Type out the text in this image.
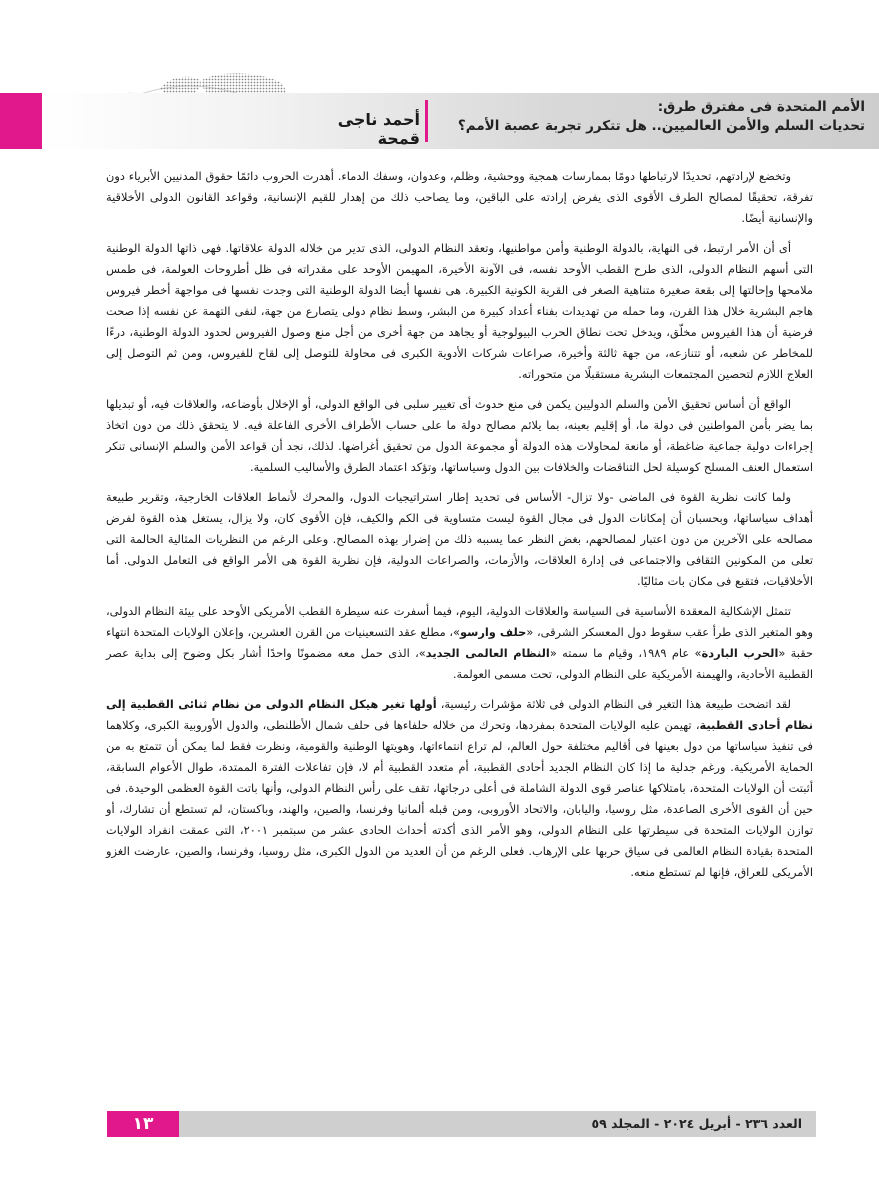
الأمم المتحدة فى مفترق طرق:
تحديات السلم والأمن العالميين.. هل تتكرر تجربة عصبة الأمم؟
أحمد ناجى قمحة

وتخضع لإرادتهم، تحديدًا لارتباطها دومًا بممارسات همجية ووحشية، وظلم، وعدوان، وسفك الدماء. أهدرت الحروب دائمًا حقوق المدنيين الأبرياء دون تفرقة، تحقيقًا لمصالح الطرف الأقوى الذى يفرض إرادته على الباقين، وما يصاحب ذلك من إهدار للقيم الإنسانية، وقواعد القانون الدولى الأخلاقية والإنسانية أيضًا.

أى أن الأمر ارتبط، فى النهاية، بالدولة الوطنية وأمن مواطنيها، وتعقد النظام الدولى، الذى تدير من خلاله الدولة علاقاتها. فهى ذاتها الدولة الوطنية التى أسهم النظام الدولى، الذى طرح القطب الأوحد نفسه، فى الآونة الأخيرة، المهيمن الأوحد على مقدراته فى ظل أطروحات العولمة، فى طمس ملامحها وإحالتها إلى بقعة صغيرة متناهية الصغر فى القرية الكونية الكبيرة. هى نفسها أيضا الدولة الوطنية التى وجدت نفسها فى مواجهة أخطر فيروس هاجم البشرية خلال هذا القرن، وما حمله من تهديدات بفناء أعداد كبيرة من البشر، وسط نظام دولى يتصارع من جهة، لنفى التهمة عن نفسه إذا صحت فرضية أن هذا الفيروس مخلّق، ويدخل تحت نطاق الحرب البيولوجية أو يجاهد من جهة أخرى من أجل منع وصول الفيروس لحدود الدولة الوطنية، درءًا للمخاطر عن شعبه، أو تتنازعه، من جهة ثالثة وأخيرة، صراعات شركات الأدوية الكبرى فى محاولة للتوصل إلى لقاح للفيروس، ومن ثم التوصل إلى العلاج اللازم لتحصين المجتمعات البشرية مستقبلًا من متحوراته.

الواقع أن أساس تحقيق الأمن والسلم الدوليين يكمن فى منع حدوث أى تغيير سلبى فى الواقع الدولى، أو الإخلال بأوضاعه، والعلاقات فيه، أو تبديلها بما يضر بأمن المواطنين فى دولة ما، أو إقليم بعينه، بما يلائم مصالح دولة ما على حساب الأطراف الأخرى الفاعلة فيه. لا يتحقق ذلك من دون اتخاذ إجراءات دولية جماعية ضاغطة، أو مانعة لمحاولات هذه الدولة أو مجموعة الدول من تحقيق أغراضها. لذلك، نجد أن قواعد الأمن والسلم الإنسانى تنكر استعمال العنف المسلح كوسيلة لحل التناقضات والخلافات بين الدول وسياساتها، وتؤكد اعتماد الطرق والأساليب السلمية.

ولما كانت نظرية القوة فى الماضى -ولا تزال- الأساس فى تحديد إطار استراتيجيات الدول، والمحرك لأنماط العلاقات الخارجية، وتقرير طبيعة أهداف سياساتها، وبحسبان أن إمكانات الدول فى مجال القوة ليست متساوية فى الكم والكيف، فإن الأقوى كان، ولا يزال، يستغل هذه القوة لفرض مصالحه على الآخرين من دون اعتبار لمصالحهم، بغض النظر عما يسببه ذلك من إضرار بهذه المصالح. وعلى الرغم من النظريات المثالية الحالمة التى تعلى من المكونين الثقافى والاجتماعى فى إدارة العلاقات، والأزمات، والصراعات الدولية، فإن نظرية القوة هى الأمر الواقع فى التعامل الدولى. أما الأخلاقيات، فتقبع فى مكان بات مثاليًا.

تتمثل الإشكالية المعقدة الأساسية فى السياسة والعلاقات الدولية، اليوم، فيما أسفرت عنه سيطرة القطب الأمريكى الأوحد على بيئة النظام الدولى، وهو المتغير الذى طرأ عقب سقوط دول المعسكر الشرقى، «حلف وارسو»، مطلع عقد التسعينيات من القرن العشرين، وإعلان الولايات المتحدة انتهاء حقبة «الحرب الباردة» عام ١٩٨٩، وقيام ما سمته «النظام العالمى الجديد»، الذى حمل معه مضمونًا واحدًا أشار بكل وضوح إلى بداية عصر القطبية الأحادية، والهيمنة الأمريكية على النظام الدولى، تحت مسمى العولمة.

لقد اتضحت طبيعة هذا التغير فى النظام الدولى فى ثلاثة مؤشرات رئيسية، أولها تغير هيكل النظام الدولى من نظام ثنائى القطبية إلى نظام أحادى القطبية، تهيمن عليه الولايات المتحدة بمفردها، وتحرك من خلاله حلفاءها فى حلف شمال الأطلنطى، والدول الأوروبية الكبرى، وكلاهما فى تنفيذ سياساتها من دول بعينها فى أقاليم مختلفة حول العالم، لم تراع انتماءاتها، وهويتها الوطنية والقومية، ونظرت فقط لما يمكن أن تتمتع به من الحماية الأمريكية. ورغم جدلية ما إذا كان النظام الجديد أحادى القطبية، أم متعدد القطبية أم لا، فإن تفاعلات الفترة الممتدة، طوال الأعوام السابقة، أثبتت أن الولايات المتحدة، بامتلاكها عناصر قوى الدولة الشاملة فى أعلى درجاتها، تقف على رأس النظام الدولى، وأنها باتت القوة العظمى الوحيدة. فى حين أن القوى الأخرى الصاعدة، مثل روسيا، واليابان، والاتحاد الأوروبى، ومن قبله ألمانيا وفرنسا، والصين، والهند، وباكستان، لم تستطع أن تشارك، أو توازن الولايات المتحدة فى سيطرتها على النظام الدولى، وهو الأمر الذى أكدته أحداث الحادى عشر من سبتمبر ٢٠٠١، التى عمقت انفراد الولايات المتحدة بقيادة النظام العالمى فى سياق حربها على الإرهاب. فعلى الرغم من أن العديد من الدول الكبرى، مثل روسيا، وفرنسا، والصين، عارضت الغزو الأمريكى للعراق، فإنها لم تستطع منعه.

١٣	العدد ٢٣٦ - أبريل ٢٠٢٤ - المجلد ٥٩
